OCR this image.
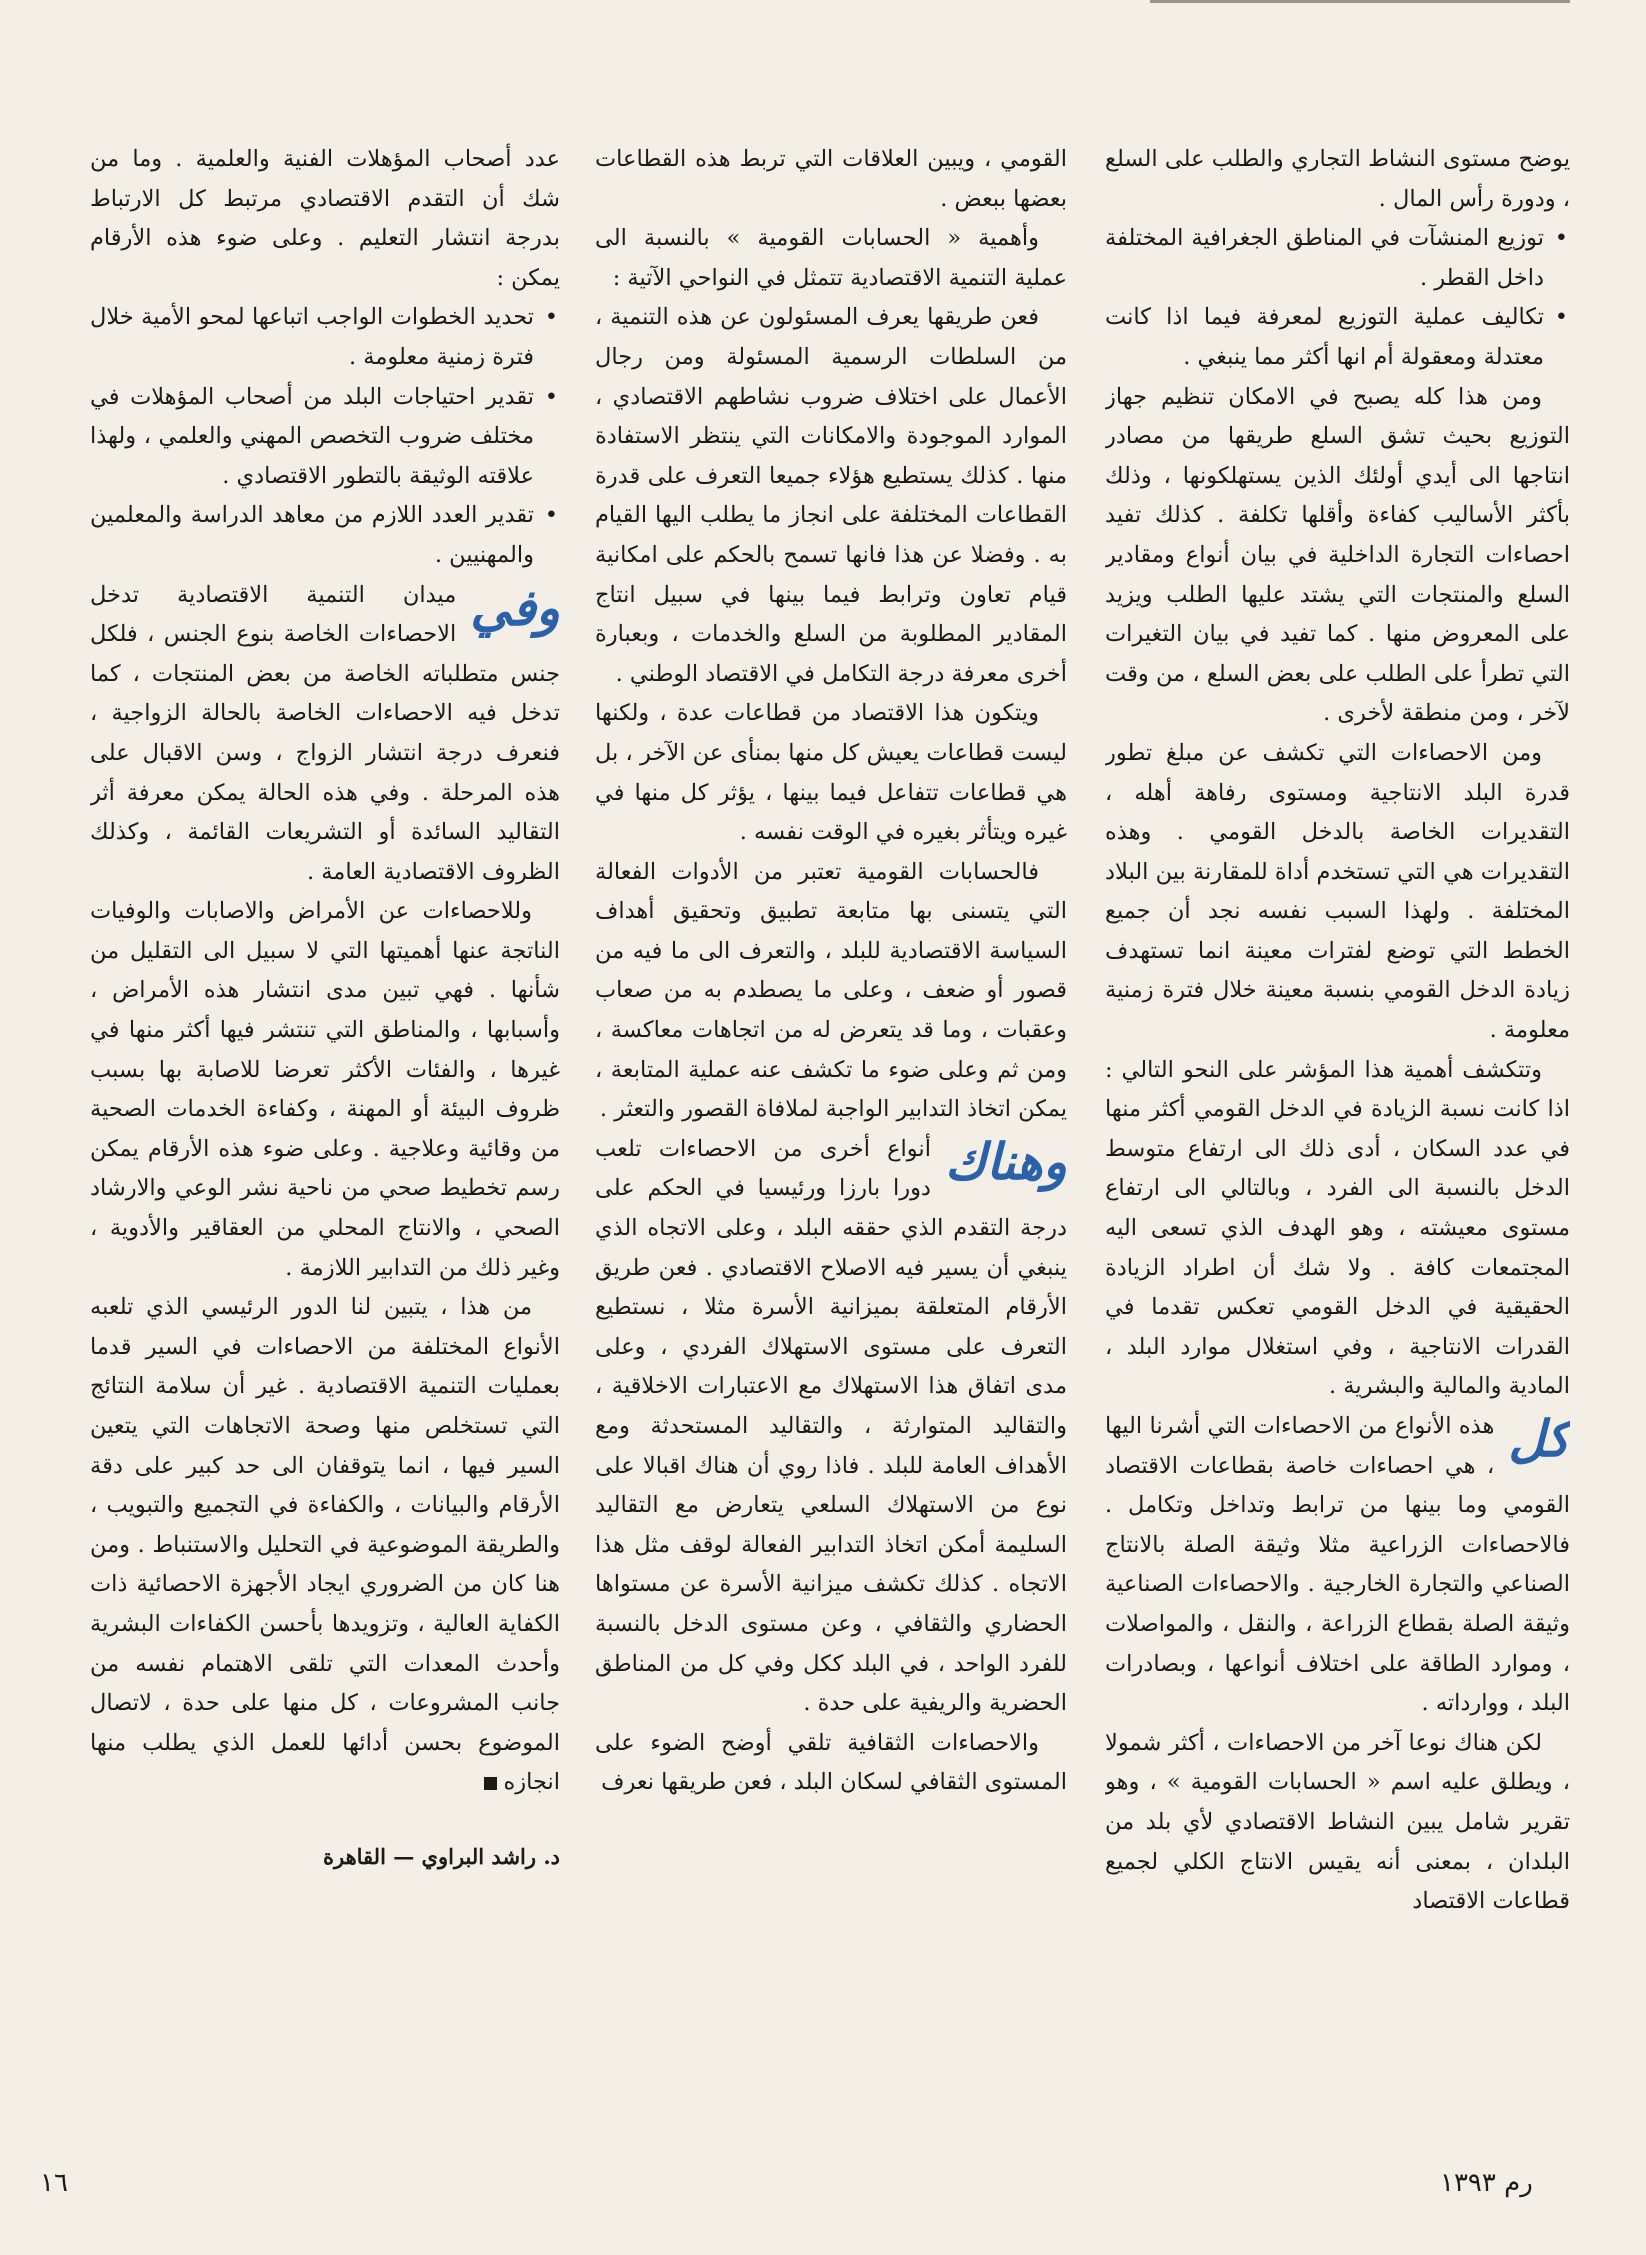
يوضح مستوى النشاط التجاري والطلب على السلع ، ودورة رأس المال .

• توزيع المنشآت في المناطق الجغرافية المختلفة داخل القطر .

• تكاليف عملية التوزيع لمعرفة فيما اذا كانت معتدلة ومعقولة أم انها أكثر مما ينبغي .

ومن هذا كله يصبح في الامكان تنظيم جهاز التوزيع بحيث تشق السلع طريقها من مصادر انتاجها الى أيدي أولئك الذين يستهلكونها ، وذلك بأكثر الأساليب كفاءة وأقلها تكلفة . كذلك تفيد احصاءات التجارة الداخلية في بيان أنواع ومقادير السلع والمنتجات التي يشتد عليها الطلب ويزيد على المعروض منها . كما تفيد في بيان التغيرات التي تطرأ على الطلب على بعض السلع ، من وقت لآخر ، ومن منطقة لأخرى .

ومن الاحصاءات التي تكشف عن مبلغ تطور قدرة البلد الانتاجية ومستوى رفاهة أهله ، التقديرات الخاصة بالدخل القومي . وهذه التقديرات هي التي تستخدم أداة للمقارنة بين البلاد المختلفة . ولهذا السبب نفسه نجد أن جميع الخطط التي توضع لفترات معينة انما تستهدف زيادة الدخل القومي بنسبة معينة خلال فترة زمنية معلومة .

وتتكشف أهمية هذا المؤشر على النحو التالي : اذا كانت نسبة الزيادة في الدخل القومي أكثر منها في عدد السكان ، أدى ذلك الى ارتفاع متوسط الدخل بالنسبة الى الفرد ، وبالتالي الى ارتفاع مستوى معيشته ، وهو الهدف الذي تسعى اليه المجتمعات كافة . ولا شك أن اطراد الزيادة الحقيقية في الدخل القومي تعكس تقدما في القدرات الانتاجية ، وفي استغلال موارد البلد ، المادية والمالية والبشرية .

كل
هذه الأنواع من الاحصاءات التي أشرنا اليها ، هي احصاءات خاصة بقطاعات الاقتصاد القومي وما بينها من ترابط وتداخل وتكامل . فالاحصاءات الزراعية مثلا وثيقة الصلة بالانتاج الصناعي والتجارة الخارجية . والاحصاءات الصناعية وثيقة الصلة بقطاع الزراعة ، والنقل ، والمواصلات ، وموارد الطاقة على اختلاف أنواعها ، وبصادرات البلد ، ووارداته .

لكن هناك نوعا آخر من الاحصاءات ، أكثر شمولا ، ويطلق عليه اسم « الحسابات القومية » ، وهو تقرير شامل يبين النشاط الاقتصادي لأي بلد من البلدان ، بمعنى أنه يقيس الانتاج الكلي لجميع قطاعات الاقتصاد

القومي ، ويبين العلاقات التي تربط هذه القطاعات بعضها ببعض .

وأهمية « الحسابات القومية » بالنسبة الى عملية التنمية الاقتصادية تتمثل في النواحي الآتية :

فعن طريقها يعرف المسئولون عن هذه التنمية ، من السلطات الرسمية المسئولة ومن رجال الأعمال على اختلاف ضروب نشاطهم الاقتصادي ، الموارد الموجودة والامكانات التي ينتظر الاستفادة منها . كذلك يستطيع هؤلاء جميعا التعرف على قدرة القطاعات المختلفة على انجاز ما يطلب اليها القيام به . وفضلا عن هذا فانها تسمح بالحكم على امكانية قيام تعاون وترابط فيما بينها في سبيل انتاج المقادير المطلوبة من السلع والخدمات ، وبعبارة أخرى معرفة درجة التكامل في الاقتصاد الوطني .

ويتكون هذا الاقتصاد من قطاعات عدة ، ولكنها ليست قطاعات يعيش كل منها بمنأى عن الآخر ، بل هي قطاعات تتفاعل فيما بينها ، يؤثر كل منها في غيره ويتأثر بغيره في الوقت نفسه .

فالحسابات القومية تعتبر من الأدوات الفعالة التي يتسنى بها متابعة تطبيق وتحقيق أهداف السياسة الاقتصادية للبلد ، والتعرف الى ما فيه من قصور أو ضعف ، وعلى ما يصطدم به من صعاب وعقبات ، وما قد يتعرض له من اتجاهات معاكسة ، ومن ثم وعلى ضوء ما تكشف عنه عملية المتابعة ، يمكن اتخاذ التدابير الواجبة لملافاة القصور والتعثر .

وهناك
أنواع أخرى من الاحصاءات تلعب دورا بارزا ورئيسيا في الحكم على درجة التقدم الذي حققه البلد ، وعلى الاتجاه الذي ينبغي أن يسير فيه الاصلاح الاقتصادي . فعن طريق الأرقام المتعلقة بميزانية الأسرة مثلا ، نستطيع التعرف على مستوى الاستهلاك الفردي ، وعلى مدى اتفاق هذا الاستهلاك مع الاعتبارات الاخلاقية ، والتقاليد المتوارثة ، والتقاليد المستحدثة ومع الأهداف العامة للبلد . فاذا روي أن هناك اقبالا على نوع من الاستهلاك السلعي يتعارض مع التقاليد السليمة أمكن اتخاذ التدابير الفعالة لوقف مثل هذا الاتجاه . كذلك تكشف ميزانية الأسرة عن مستواها الحضاري والثقافي ، وعن مستوى الدخل بالنسبة للفرد الواحد ، في البلد ككل وفي كل من المناطق الحضرية والريفية على حدة .

والاحصاءات الثقافية تلقي أوضح الضوء على المستوى الثقافي لسكان البلد ، فعن طريقها نعرف

عدد أصحاب المؤهلات الفنية والعلمية . وما من شك أن التقدم الاقتصادي مرتبط كل الارتباط بدرجة انتشار التعليم . وعلى ضوء هذه الأرقام يمكن :

• تحديد الخطوات الواجب اتباعها لمحو الأمية خلال فترة زمنية معلومة .

• تقدير احتياجات البلد من أصحاب المؤهلات في مختلف ضروب التخصص المهني والعلمي ، ولهذا علاقته الوثيقة بالتطور الاقتصادي .

• تقدير العدد اللازم من معاهد الدراسة والمعلمين والمهنيين .

وفي
ميدان التنمية الاقتصادية تدخل الاحصاءات الخاصة بنوع الجنس ، فلكل جنس متطلباته الخاصة من بعض المنتجات ، كما تدخل فيه الاحصاءات الخاصة بالحالة الزواجية ، فنعرف درجة انتشار الزواج ، وسن الاقبال على هذه المرحلة . وفي هذه الحالة يمكن معرفة أثر التقاليد السائدة أو التشريعات القائمة ، وكذلك الظروف الاقتصادية العامة .

وللاحصاءات عن الأمراض والاصابات والوفيات الناتجة عنها أهميتها التي لا سبيل الى التقليل من شأنها . فهي تبين مدى انتشار هذه الأمراض ، وأسبابها ، والمناطق التي تنتشر فيها أكثر منها في غيرها ، والفئات الأكثر تعرضا للاصابة بها بسبب ظروف البيئة أو المهنة ، وكفاءة الخدمات الصحية من وقائية وعلاجية . وعلى ضوء هذه الأرقام يمكن رسم تخطيط صحي من ناحية نشر الوعي والارشاد الصحي ، والانتاج المحلي من العقاقير والأدوية ، وغير ذلك من التدابير اللازمة .

من هذا ، يتبين لنا الدور الرئيسي الذي تلعبه الأنواع المختلفة من الاحصاءات في السير قدما بعمليات التنمية الاقتصادية . غير أن سلامة النتائج التي تستخلص منها وصحة الاتجاهات التي يتعين السير فيها ، انما يتوقفان الى حد كبير على دقة الأرقام والبيانات ، والكفاءة في التجميع والتبويب ، والطريقة الموضوعية في التحليل والاستنباط . ومن هنا كان من الضروري ايجاد الأجهزة الاحصائية ذات الكفاية العالية ، وتزويدها بأحسن الكفاءات البشرية وأحدث المعدات التي تلقى الاهتمام نفسه من جانب المشروعات ، كل منها على حدة ، لاتصال الموضوع بحسن أدائها للعمل الذي يطلب منها انجازه

د. راشد البراوي — القاهرة
١٦	رم ١٣٩٣
